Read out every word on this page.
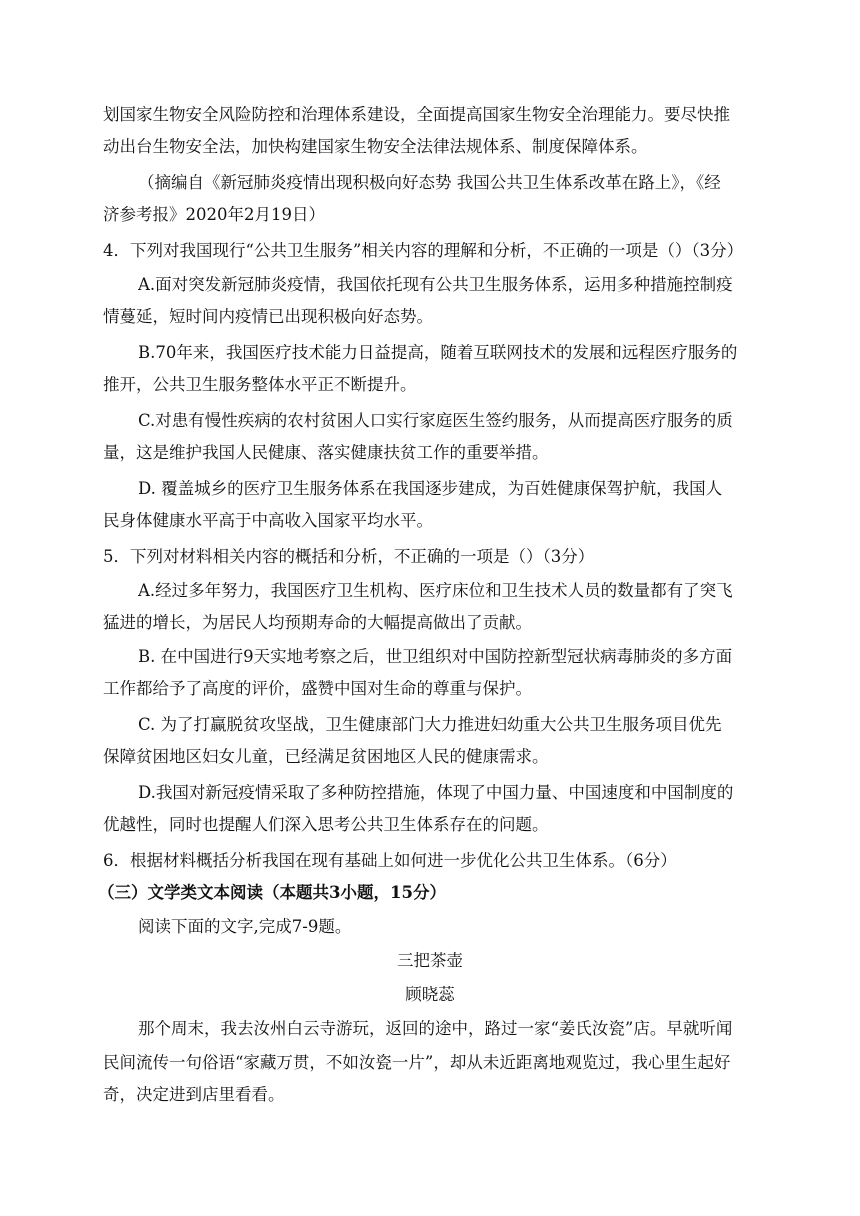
划国家生物安全风险防控和治理体系建设，全面提高国家生物安全治理能力。要尽快推
动出台生物安全法，加快构建国家生物安全法律法规体系、制度保障体系。
（摘编自《新冠肺炎疫情出现积极向好态势 我国公共卫生体系改革在路上》，《经
济参考报》2020年2月19日）
4．下列对我国现行“公共卫生服务”相关内容的理解和分析，不正确的一项是（）（3分）
A.面对突发新冠肺炎疫情，我国依托现有公共卫生服务体系，运用多种措施控制疫
情蔓延，短时间内疫情已出现积极向好态势。
B.70年来，我国医疗技术能力日益提高，随着互联网技术的发展和远程医疗服务的
推开，公共卫生服务整体水平正不断提升。
C.对患有慢性疾病的农村贫困人口实行家庭医生签约服务，从而提高医疗服务的质
量，这是维护我国人民健康、落实健康扶贫工作的重要举措。
D. 覆盖城乡的医疗卫生服务体系在我国逐步建成，为百姓健康保驾护航，我国人
民身体健康水平高于中高收入国家平均水平。
5．下列对材料相关内容的概括和分析，不正确的一项是（）（3分）
A.经过多年努力，我国医疗卫生机构、医疗床位和卫生技术人员的数量都有了突飞
猛进的增长，为居民人均预期寿命的大幅提高做出了贡献。
B. 在中国进行9天实地考察之后，世卫组织对中国防控新型冠状病毒肺炎的多方面
工作都给予了高度的评价，盛赞中国对生命的尊重与保护。
C. 为了打赢脱贫攻坚战，卫生健康部门大力推进妇幼重大公共卫生服务项目优先
保障贫困地区妇女儿童，已经满足贫困地区人民的健康需求。
D.我国对新冠疫情采取了多种防控措施，体现了中国力量、中国速度和中国制度的
优越性，同时也提醒人们深入思考公共卫生体系存在的问题。
6．根据材料概括分析我国在现有基础上如何进一步优化公共卫生体系。（6分）
（三）文学类文本阅读（本题共3小题，15分）
阅读下面的文字,完成7-9题。
三把茶壶
顾晓蕊
那个周末，我去汝州白云寺游玩，返回的途中，路过一家“姜氏汝瓷”店。早就听闻
民间流传一句俗语“家藏万贯，不如汝瓷一片”，却从未近距离地观览过，我心里生起好
奇，决定进到店里看看。
